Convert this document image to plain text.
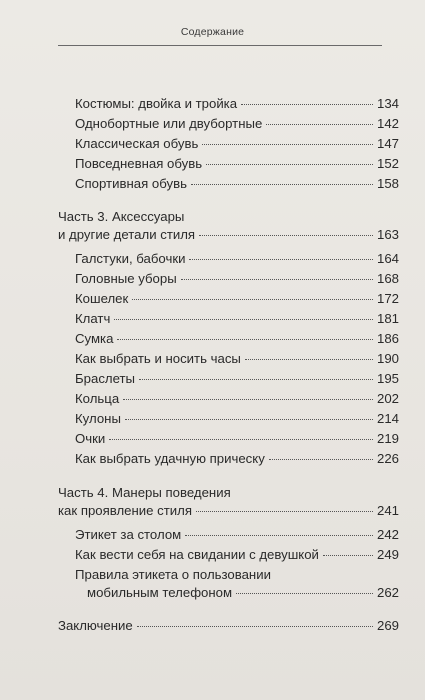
Содержание
Костюмы: двойка и тройка	134
Однобортные или двубортные	142
Классическая обувь	147
Повседневная обувь	152
Спортивная обувь	158
Часть 3. Аксессуары
и другие детали стиля	163
Галстуки, бабочки	164
Головные уборы	168
Кошелек	172
Клатч	181
Сумка	186
Как выбрать и носить часы	190
Браслеты	195
Кольца	202
Кулоны	214
Очки	219
Как выбрать удачную прическу	226
Часть 4. Манеры поведения
как проявление стиля	241
Этикет за столом	242
Как вести себя на свидании с девушкой	249
Правила этикета о пользовании
мобильным телефоном	262
Заключение	269
